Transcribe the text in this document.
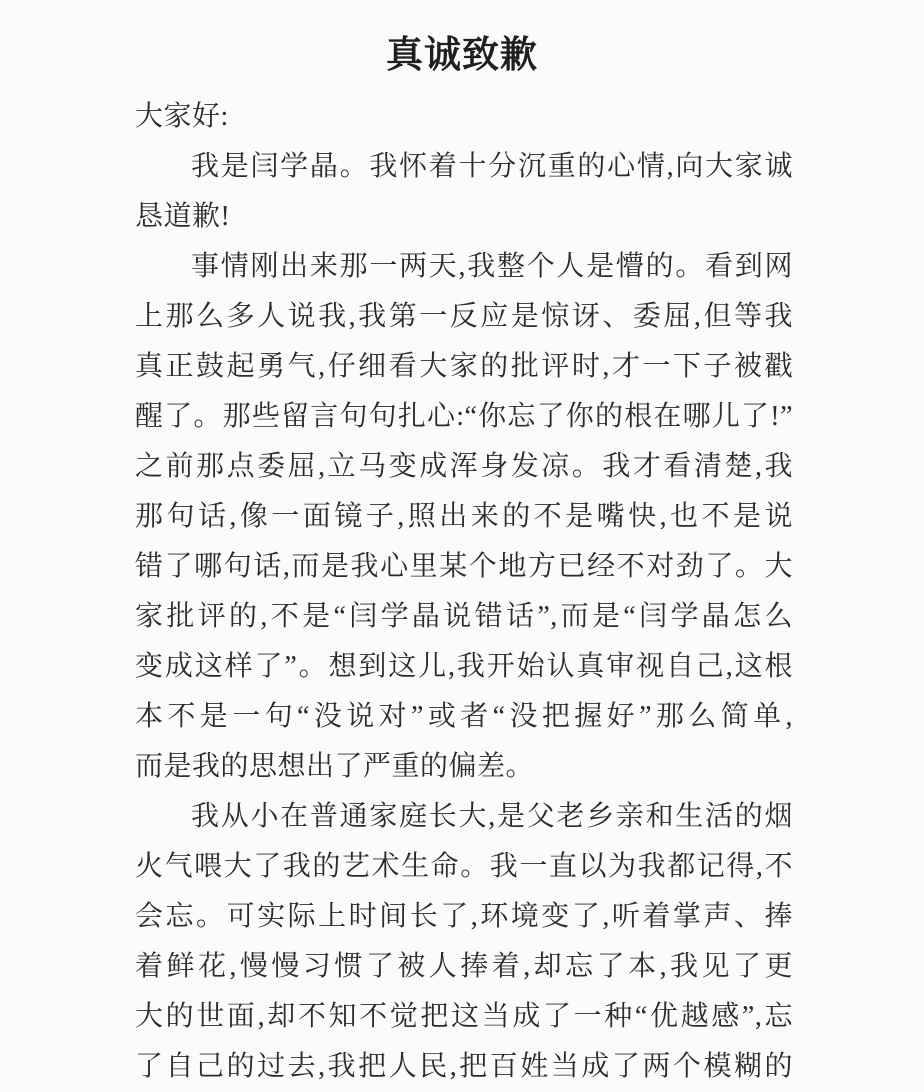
真诚致歉
大家好:
我是闫学晶。我怀着十分沉重的心情,向大家诚
恳道歉!
事情刚出来那一两天,我整个人是懵的。看到网
上那么多人说我,我第一反应是惊讶、委屈,但等我
真正鼓起勇气,仔细看大家的批评时,才一下子被戳
醒了。那些留言句句扎心:“你忘了你的根在哪儿了!”
之前那点委屈,立马变成浑身发凉。我才看清楚,我
那句话,像一面镜子,照出来的不是嘴快,也不是说
错了哪句话,而是我心里某个地方已经不对劲了。大
家批评的,不是“闫学晶说错话”,而是“闫学晶怎么
变成这样了”。想到这儿,我开始认真审视自己,这根
本不是一句“没说对”或者“没把握好”那么简单,
而是我的思想出了严重的偏差。
我从小在普通家庭长大,是父老乡亲和生活的烟
火气喂大了我的艺术生命。我一直以为我都记得,不
会忘。可实际上时间长了,环境变了,听着掌声、捧
着鲜花,慢慢习惯了被人捧着,却忘了本,我见了更
大的世面,却不知不觉把这当成了一种“优越感”,忘
了自己的过去,我把人民,把百姓当成了两个模糊的
